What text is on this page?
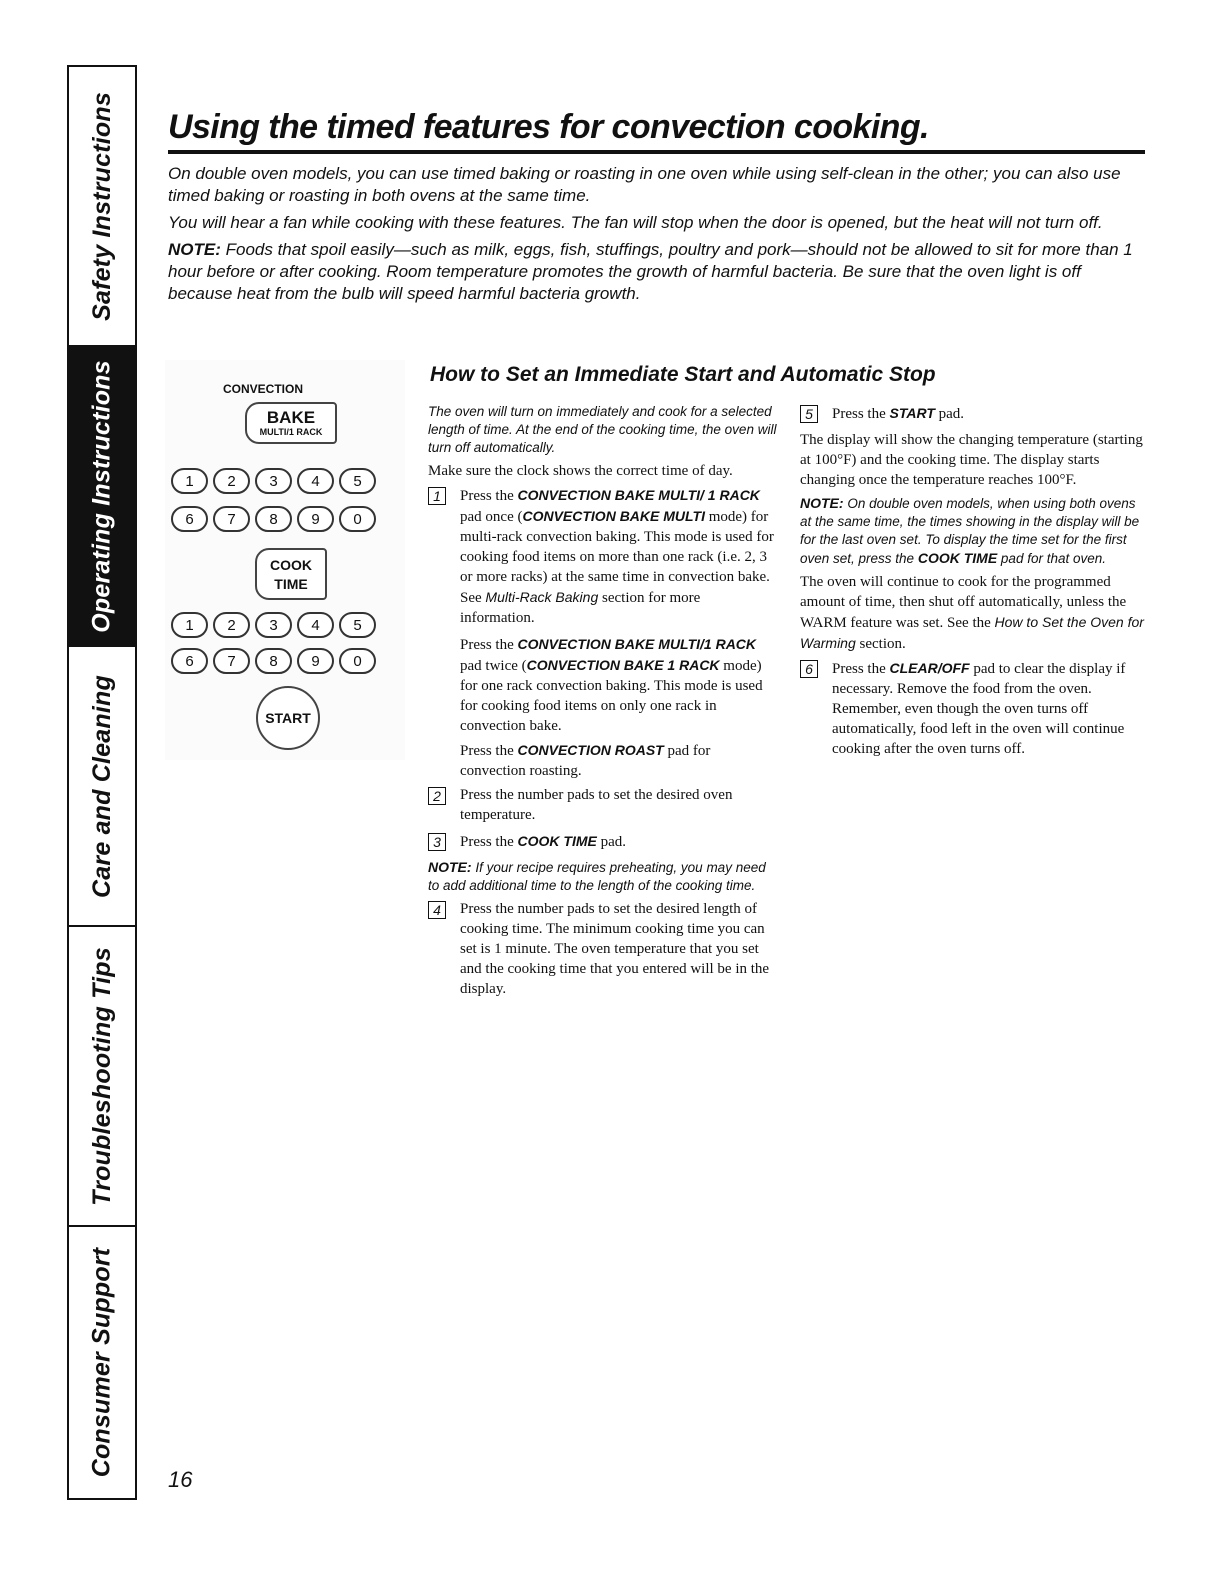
Safety Instructions
Operating Instructions
Care and Cleaning
Troubleshooting Tips
Consumer Support
Using the timed features for convection cooking.

On double oven models, you can use timed baking or roasting in one oven while using self-clean in the other; you can also use timed baking or roasting in both ovens at the same time.

You will hear a fan while cooking with these features. The fan will stop when the door is opened, but the heat will not turn off.

NOTE: Foods that spoil easily—such as milk, eggs, fish, stuffings, poultry and pork—should not be allowed to sit for more than 1 hour before or after cooking. Room temperature promotes the growth of harmful bacteria. Be sure that the oven light is off because heat from the bulb will speed harmful bacteria growth.

CONVECTION
BAKE
MULTI/1 RACK
1	2	3	4	5
6	7	8	9	0
COOK
TIME
1	2	3	4	5
6	7	8	9	0
START
How to Set an Immediate Start and Automatic Stop

The oven will turn on immediately and cook for a selected length of time. At the end of the cooking time, the oven will turn off automatically.

Make sure the clock shows the correct time of day.

1	Press the CONVECTION BAKE MULTI/ 1 RACK pad once (CONVECTION BAKE MULTI mode) for multi-rack convection baking. This mode is used for cooking food items on more than one rack (i.e. 2, 3 or more racks) at the same time in convection bake. See Multi-Rack Baking section for more information.

Press the CONVECTION BAKE MULTI/1 RACK pad twice (CONVECTION BAKE 1 RACK mode) for one rack convection baking. This mode is used for cooking food items on only one rack in convection bake.

Press the CONVECTION ROAST pad for convection roasting.

2	Press the number pads to set the desired oven temperature.
3	Press the COOK TIME pad.

NOTE: If your recipe requires preheating, you may need to add additional time to the length of the cooking time.

4	Press the number pads to set the desired length of cooking time. The minimum cooking time you can set is 1 minute. The oven temperature that you set and the cooking time that you entered will be in the display.
5	Press the START pad.

The display will show the changing temperature (starting at 100°F) and the cooking time. The display starts changing once the temperature reaches 100°F.

NOTE: On double oven models, when using both ovens at the same time, the times showing in the display will be for the last oven set. To display the time set for the first oven set, press the COOK TIME pad for that oven.

The oven will continue to cook for the programmed amount of time, then shut off automatically, unless the WARM feature was set. See the How to Set the Oven for Warming section.

6	Press the CLEAR/OFF pad to clear the display if necessary. Remove the food from the oven. Remember, even though the oven turns off automatically, food left in the oven will continue cooking after the oven turns off.
16
